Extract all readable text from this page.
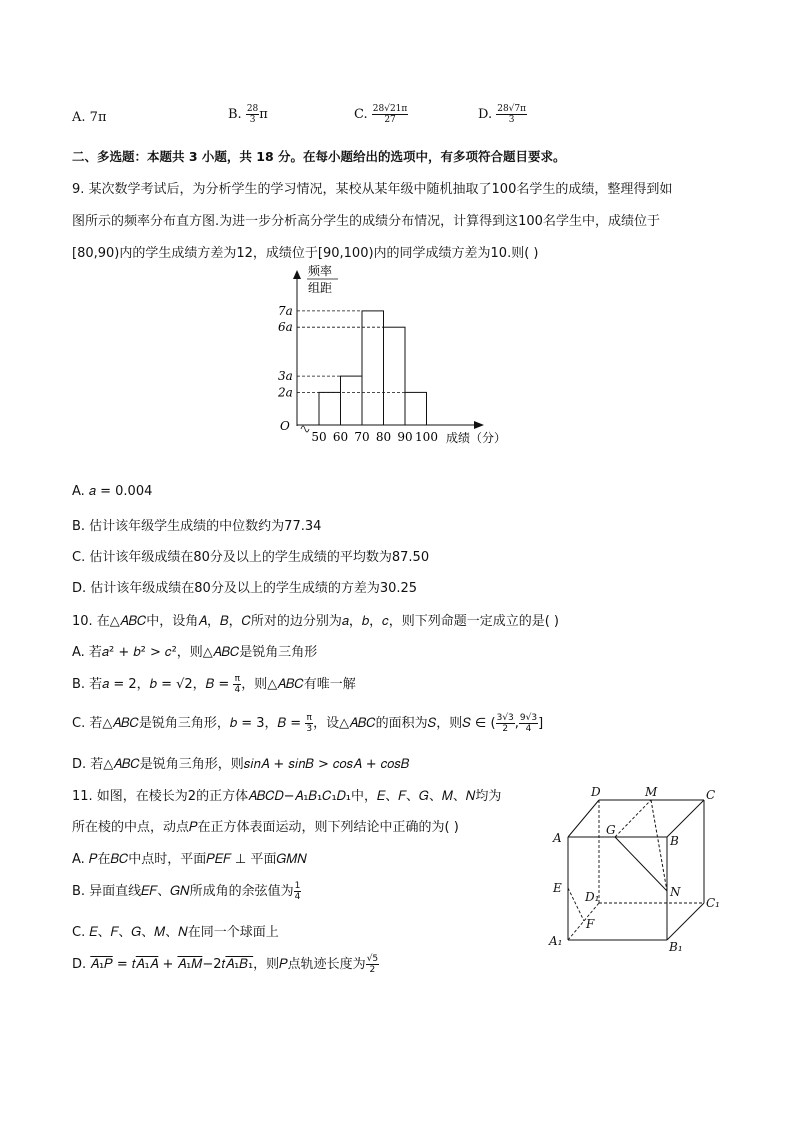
A. 7π	B. $\frac{28}{3}$ π	C. $\frac{28√21\pi}{27}$	D. $\frac{28√7\pi}{3}$
二、多选题：本题共 3 小题，共 18 分。在每小题给出的选项中，有多项符合题目要求。
9. 某次数学考试后，为分析学生的学习情况，某校从某年级中随机抽取了100名学生的成绩，整理得到如
图所示的频率分布直方图.为进一步分析高分学生的成绩分布情况，计算得到这100名学生中，成绩位于
[80,90)内的学生成绩方差为12，成绩位于[90,100)内的同学成绩方差为10.则( )
频率
组距
O
成绩（分）
7a
6a
3a
2a
50 60 70 80 90 100
A. 𝑎 = 0.004
B. 估计该年级学生成绩的中位数约为77.34
C. 估计该年级成绩在80分及以上的学生成绩的平均数为87.50
D. 估计该年级成绩在80分及以上的学生成绩的方差为30.25
10. 在△𝐴𝐵𝐶中，设角𝐴，𝐵，𝐶所对的边分别为𝑎，𝑏，𝑐，则下列命题一定成立的是( )
A. 若𝑎² + 𝑏² > 𝑐²，则△𝐴𝐵𝐶是锐角三角形
B. 若𝑎 = 2，𝑏 = √2，𝐵 = $\frac{\pi}{4}$ ，则△𝐴𝐵𝐶有唯一解
C. 若△𝐴𝐵𝐶是锐角三角形，𝑏 = 3，𝐵 = $\frac{\pi}{3}$ ，设△𝐴𝐵𝐶的面积为𝑆，则𝑆 ∈ ( $\frac{3√3}{2}$ , $\frac{9√3}{4}$ ]
D. 若△𝐴𝐵𝐶是锐角三角形，则𝑠𝑖𝑛𝐴 + 𝑠𝑖𝑛𝐵 > 𝑐𝑜𝑠𝐴 + 𝑐𝑜𝑠𝐵
11. 如图，在棱长为2的正方体𝐴𝐵𝐶𝐷−𝐴₁𝐵₁𝐶₁𝐷₁中，𝐸、𝐹、𝐺、𝑀、𝑁均为
所在棱的中点，动点𝑃在正方体表面运动，则下列结论中正确的为( )
A. 𝑃在𝐵𝐶中点时，平面𝑃𝐸𝐹 ⊥ 平面𝐺𝑀𝑁
B. 异面直线𝐸𝐹、𝐺𝑁所成角的余弦值为 $\frac{1}{4}$
C. 𝐸、𝐹、𝐺、𝑀、𝑁在同一个球面上
D. 𝐴₁𝑃 = 𝑡𝐴₁𝐴 + 𝐴₁𝑀−2𝑡𝐴₁𝐵₁，则𝑃点轨迹长度为 $\frac{√5}{2}$
D	M	C
A
G
B
E
D₁	N
C₁
F
A₁	B₁
